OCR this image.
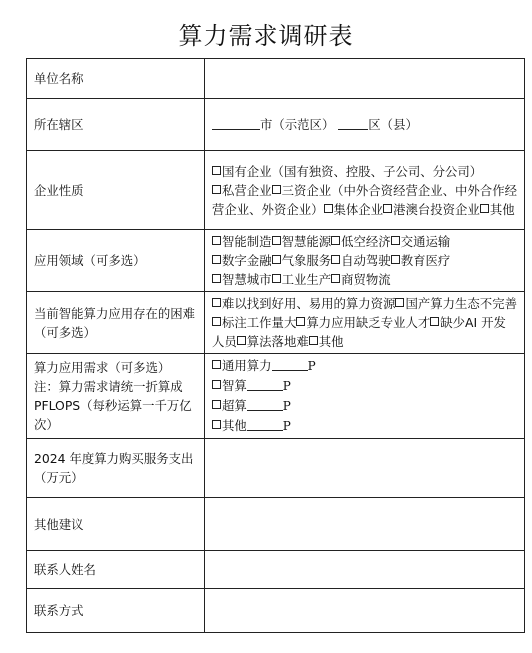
算力需求调研表
单位名称	
所在辖区	市（示范区） 区（县）
企业性质	国有企业（国有独资、控股、子公司、分公司）
私营企业 三资企业（中外合资经营企业、中外合作经营企业、外资企业） 集体企业 港澳台投资企业 其他
应用领域（可多选）	智能制造 智慧能源 低空经济 交通运输
数字金融 气象服务 自动驾驶 教育医疗
智慧城市 工业生产 商贸物流
当前智能算力应用存在的困难（可多选）	难以找到好用、易用的算力资源 国产算力生态不完善标注工作量大 算力应用缺乏专业人才 缺少AI 开发人员 算法落地难 其他

算力应用需求（可多选）
注：算力需求请统一折算成PFLOPS（每秒运算一千万亿次）	通用算力 P
智算 P
超算 P
其他 P

2024 年度算力购买服务支出（万元）	
其他建议	
联系人姓名	
联系方式	
